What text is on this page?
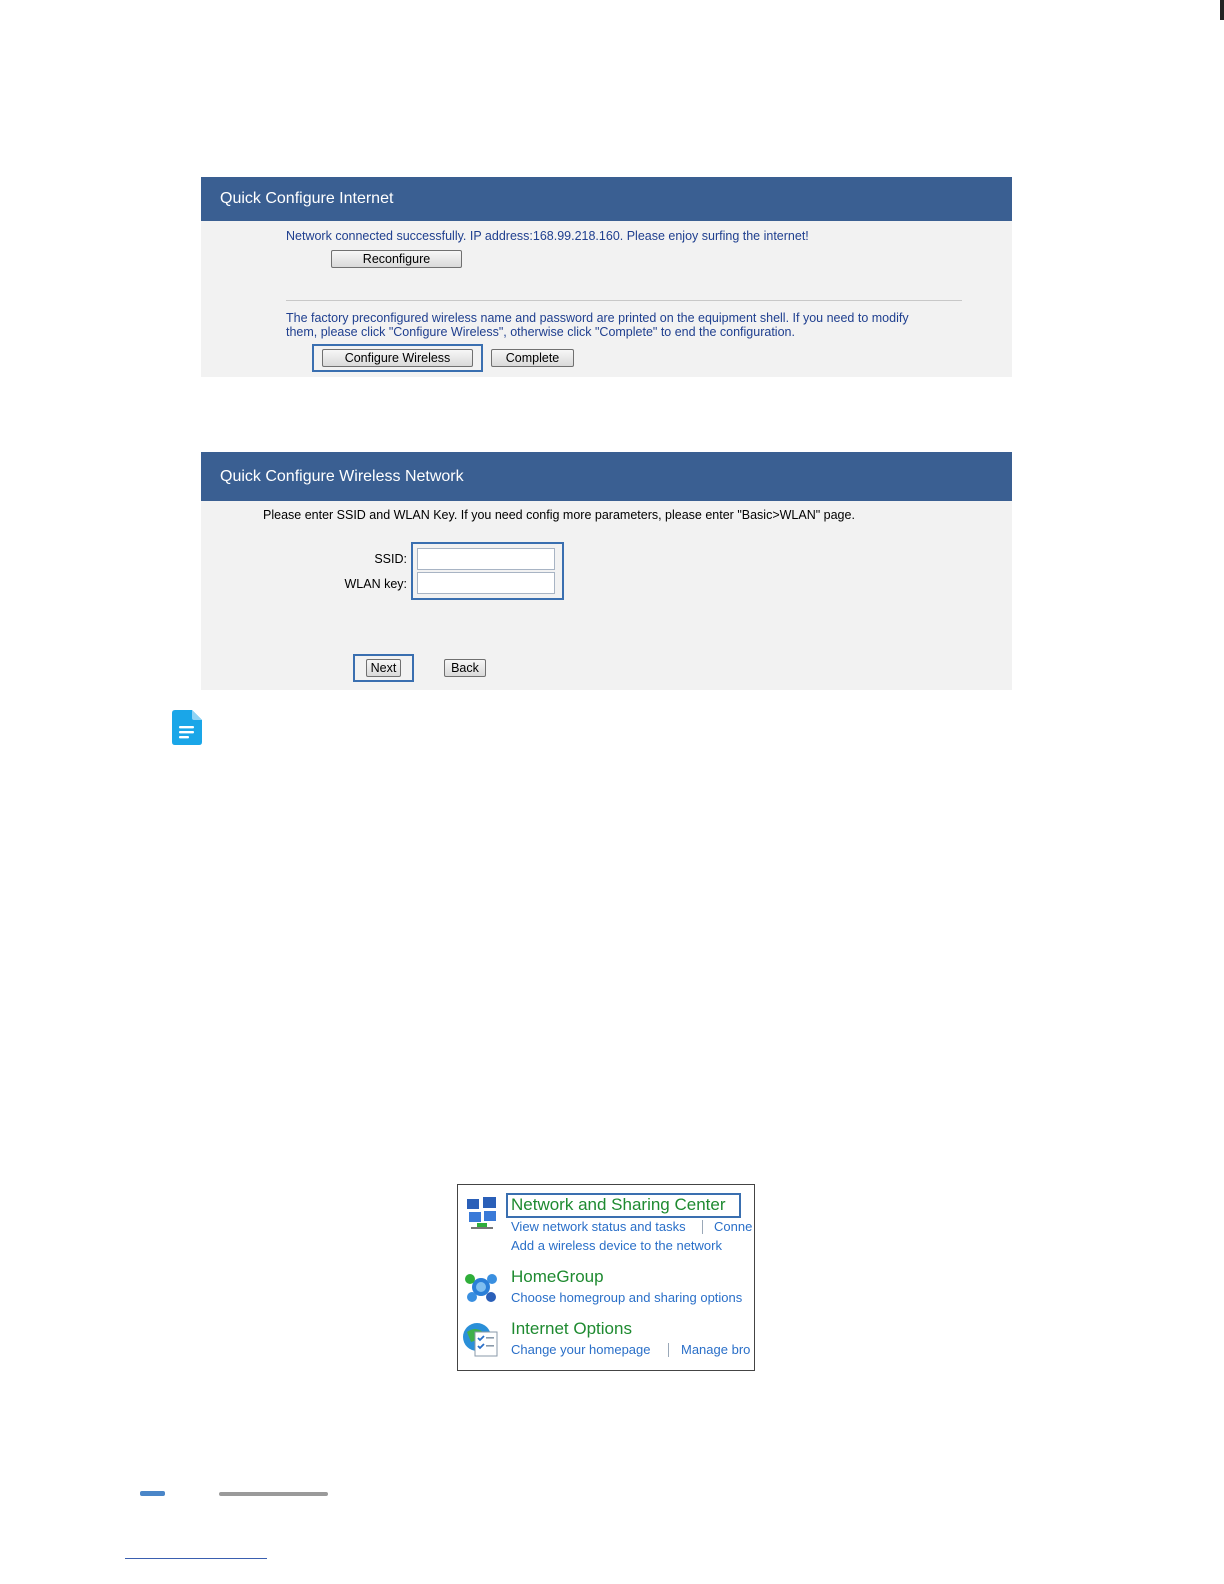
Quick Configure Internet
Network connected successfully. IP address:168.99.218.160. Please enjoy surfing the internet!
Reconfigure
The factory preconfigured wireless name and password are printed on the equipment shell. If you need to modify
them, please click "Configure Wireless", otherwise click "Complete" to end the configuration.
Configure Wireless	Complete
Quick Configure Wireless Network
Please enter SSID and WLAN Key. If you need config more parameters, please enter "Basic>WLAN" page.
SSID:
WLAN key:
Next	Back
Network and Sharing Center
View network status and tasks Conne
Add a wireless device to the network
HomeGroup
Choose homegroup and sharing options
Internet Options
Change your homepage Manage bro
